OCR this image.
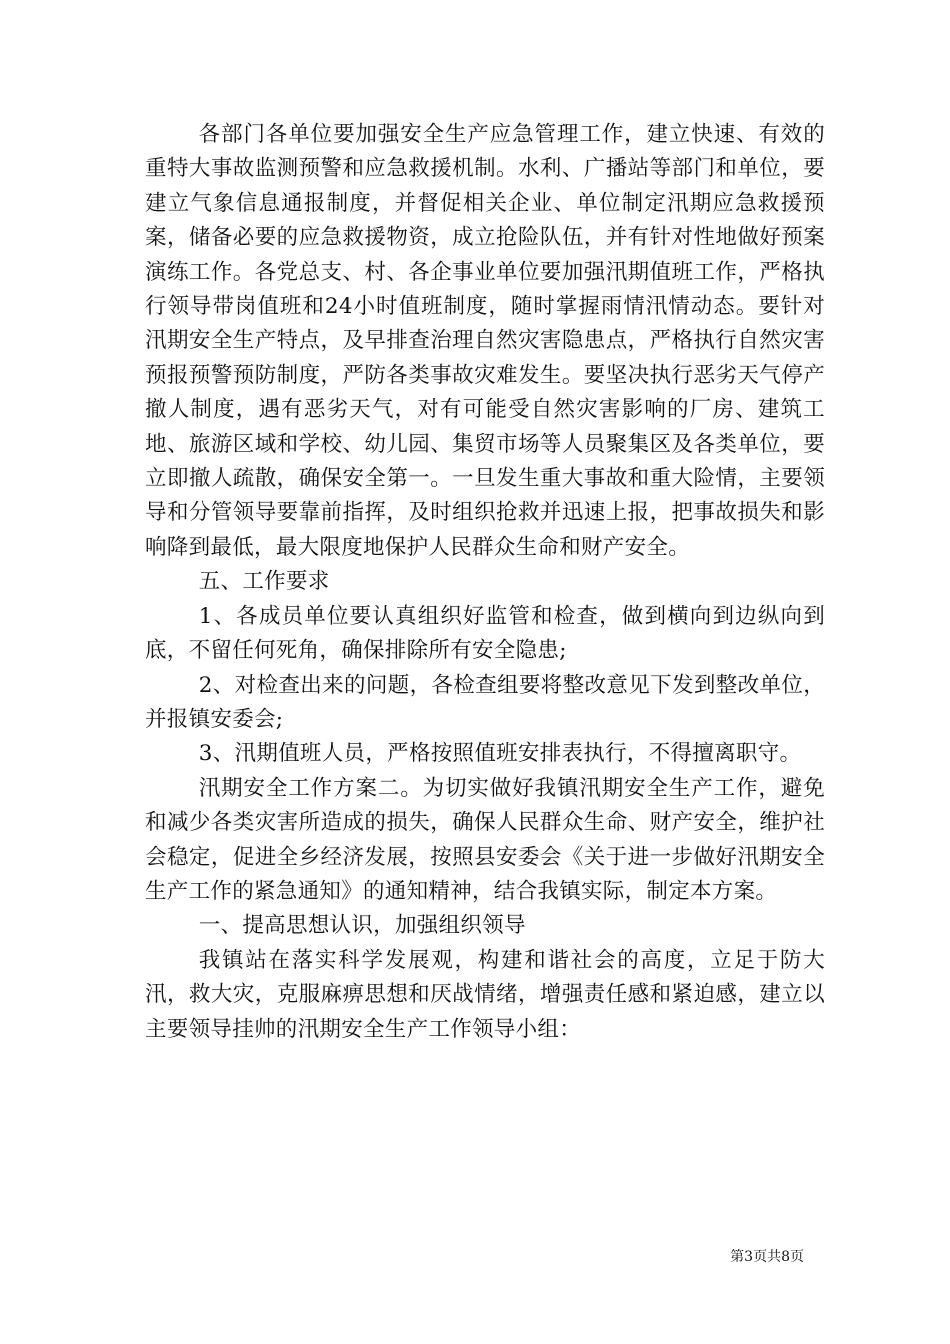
各部门各单位要加强安全生产应急管理工作，建立快速、有效的重特大事故监测预警和应急救援机制。水利、广播站等部门和单位，要建立气象信息通报制度，并督促相关企业、单位制定汛期应急救援预案，储备必要的应急救援物资，成立抢险队伍，并有针对性地做好预案演练工作。各党总支、村、各企事业单位要加强汛期值班工作，严格执行领导带岗值班和24小时值班制度，随时掌握雨情汛情动态。要针对汛期安全生产特点，及早排查治理自然灾害隐患点，严格执行自然灾害预报预警预防制度，严防各类事故灾难发生。要坚决执行恶劣天气停产撤人制度，遇有恶劣天气，对有可能受自然灾害影响的厂房、建筑工地、旅游区域和学校、幼儿园、集贸市场等人员聚集区及各类单位，要立即撤人疏散，确保安全第一。一旦发生重大事故和重大险情，主要领导和分管领导要靠前指挥，及时组织抢救并迅速上报，把事故损失和影响降到最低，最大限度地保护人民群众生命和财产安全。

五、工作要求

1、各成员单位要认真组织好监管和检查，做到横向到边纵向到底，不留任何死角，确保排除所有安全隐患;

2、对检查出来的问题，各检查组要将整改意见下发到整改单位，并报镇安委会;

3、汛期值班人员，严格按照值班安排表执行，不得擅离职守。

汛期安全工作方案二。为切实做好我镇汛期安全生产工作，避免和减少各类灾害所造成的损失，确保人民群众生命、财产安全，维护社会稳定，促进全乡经济发展，按照县安委会《关于进一步做好汛期安全生产工作的紧急通知》的通知精神，结合我镇实际，制定本方案。

一、提高思想认识，加强组织领导

我镇站在落实科学发展观，构建和谐社会的高度，立足于防大汛，救大灾，克服麻痹思想和厌战情绪，增强责任感和紧迫感，建立以主要领导挂帅的汛期安全生产工作领导小组：

第3页共8页
